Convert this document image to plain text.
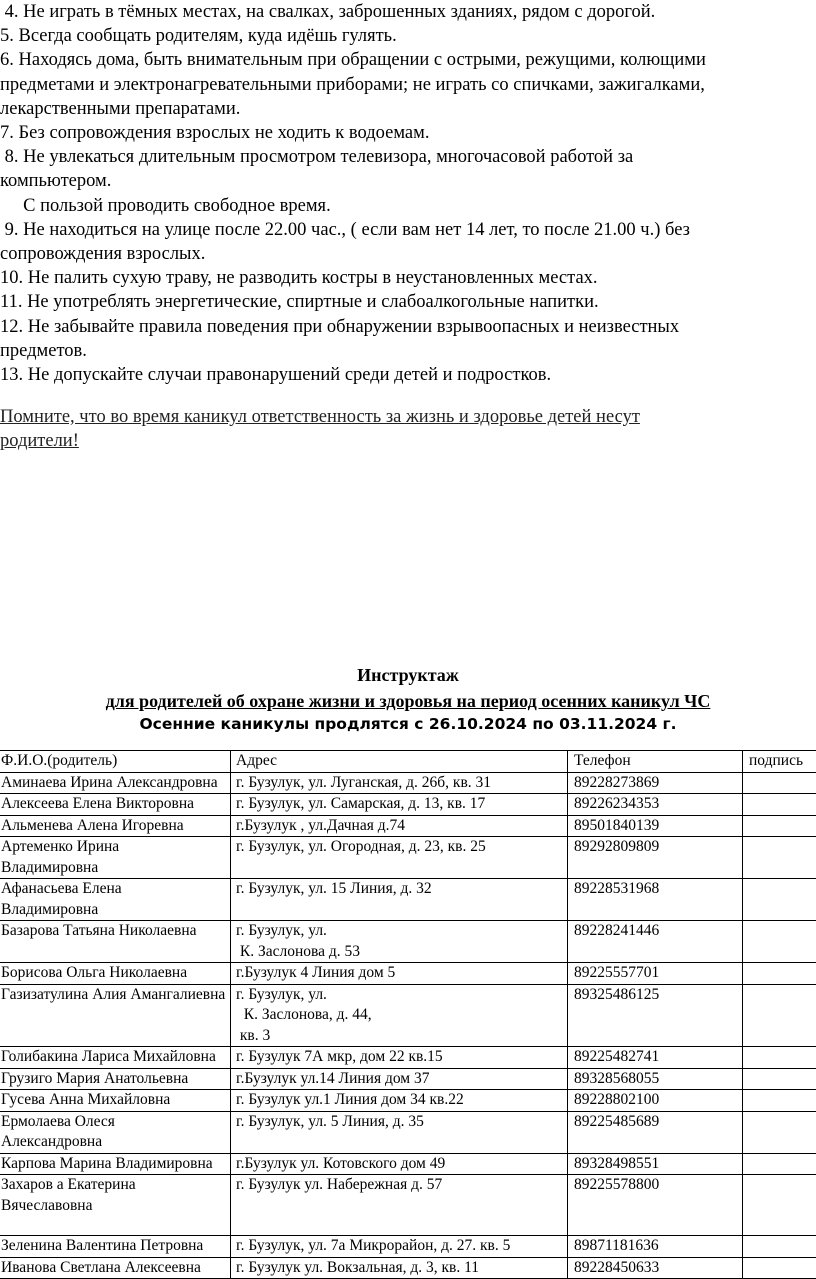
4. Не играть в тёмных местах, на свалках, заброшенных зданиях, рядом с дорогой.

5. Всегда сообщать родителям, куда идёшь гулять.

6. Находясь дома, быть внимательным при обращении с острыми, режущими, колющими

предметами и электронагревательными приборами; не играть со спичками, зажигалками,

лекарственными препаратами.

7. Без сопровождения взрослых не ходить к водоемам.

8. Не увлекаться длительным просмотром телевизора, многочасовой работой за

компьютером.

С пользой проводить свободное время.

9. Не находиться на улице после 22.00 час., ( если вам нет 14 лет, то после 21.00 ч.) без

сопровождения взрослых.

10. Не палить сухую траву, не разводить костры в неустановленных местах.

11. Не употреблять энергетические, спиртные и слабоалкогольные напитки.

12. Не забывайте правила поведения при обнаружении взрывоопасных и неизвестных

предметов.

13. Не допускайте случаи правонарушений среди детей и подростков.

Помните, что во время каникул ответственность за жизнь и здоровье детей несут
родители!
Инструктаж
для родителей об охране жизни и здоровья на период осенних каникул ЧС
Осенние каникулы продлятся с 26.10.2024 по 03.11.2024 г.
Ф.И.О.(родитель)	Адрес	Телефон	подпись

Аминаева Ирина Александровна	г. Бузулук, ул. Луганская, д. 26б, кв. 31	89228273869	

Алексеева Елена Викторовна	г. Бузулук, ул. Самарская, д. 13, кв. 17	89226234353	

Альменева Алена Игоревна	г.Бузулук , ул.Дачная д.74	89501840139	

Артеменко Ирина
Владимировна	г. Бузулук, ул. Огородная, д. 23, кв. 25	89292809809	

Афанасьева Елена
Владимировна	г. Бузулук, ул. 15 Линия, д. 32	89228531968	

Базарова Татьяна Николаевна	г. Бузулук, ул.
К. Заслонова д. 53	89228241446	

Борисова Ольга Николаевна	г.Бузулук 4 Линия дом 5	89225557701	

Газизатулина Алия Амангалиевна	г. Бузулук, ул.
К. Заслонова, д. 44,
кв. 3	89325486125	

Голибакина Лариса Михайловна	г. Бузулук 7А мкр, дом 22 кв.15	89225482741	

Грузиго Мария Анатольевна	г.Бузулук ул.14 Линия дом 37	89328568055	

Гусева Анна Михайловна	г. Бузулук ул.1 Линия дом 34 кв.22	89228802100	

Ермолаева Олеся
Александровна	г. Бузулук, ул. 5 Линия, д. 35	89225485689	

Карпова Марина Владимировна	г.Бузулук ул. Котовского дом 49	89328498551	

Захаров а Екатерина
Вячеславовна	г. Бузулук ул. Набережная д. 57	89225578800	

Зеленина Валентина Петровна	г. Бузулук, ул. 7а Микрорайон, д. 27. кв. 5	89871181636	

Иванова Светлана Алексеевна	г. Бузулук ул. Вокзальная, д. 3, кв. 11	89228450633	
